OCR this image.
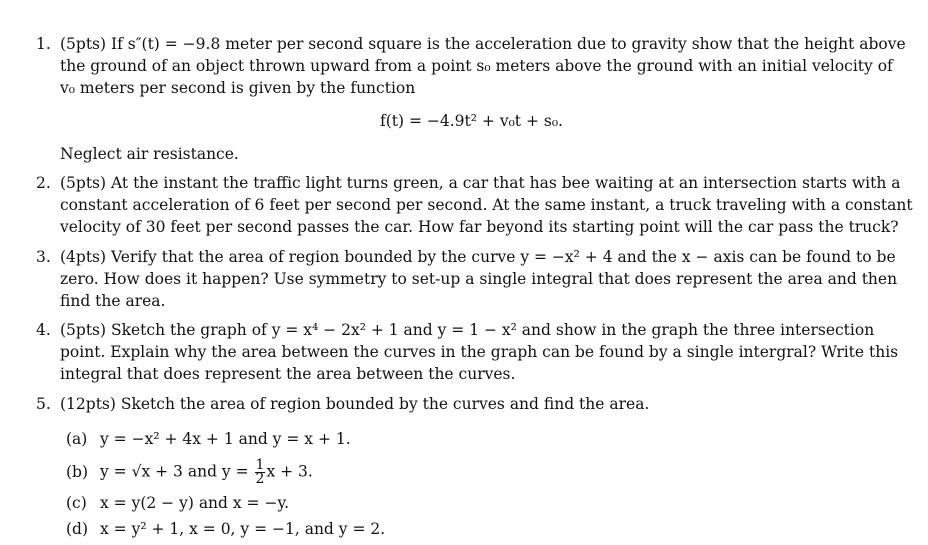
1. (5pts) If s″(t) = −9.8 meter per second square is the acceleration due to gravity show that the height above
the ground of an object thrown upward from a point s₀ meters above the ground with an initial velocity of
v₀ meters per second is given by the function
f(t) = −4.9t² + v₀t + s₀.
Neglect air resistance.
2. (5pts) At the instant the traffic light turns green, a car that has bee waiting at an intersection starts with a
constant acceleration of 6 feet per second per second. At the same instant, a truck traveling with a constant
velocity of 30 feet per second passes the car. How far beyond its starting point will the car pass the truck?
3. (4pts) Verify that the area of region bounded by the curve y = −x² + 4 and the x − axis can be found to be
zero. How does it happen? Use symmetry to set-up a single integral that does represent the area and then
find the area.
4. (5pts) Sketch the graph of y = x⁴ − 2x² + 1 and y = 1 − x² and show in the graph the three intersection
point. Explain why the area between the curves in the graph can be found by a single intergral? Write this
integral that does represent the area between the curves.
5. (12pts) Sketch the area of region bounded by the curves and find the area.
(a) y = −x² + 4x + 1 and y = x + 1.
(b) y = √x + 3 and $y = \frac{1}{2}$ x + 3.
(c) x = y(2 − y) and x = −y.
(d) x = y² + 1, x = 0, y = −1, and y = 2.
